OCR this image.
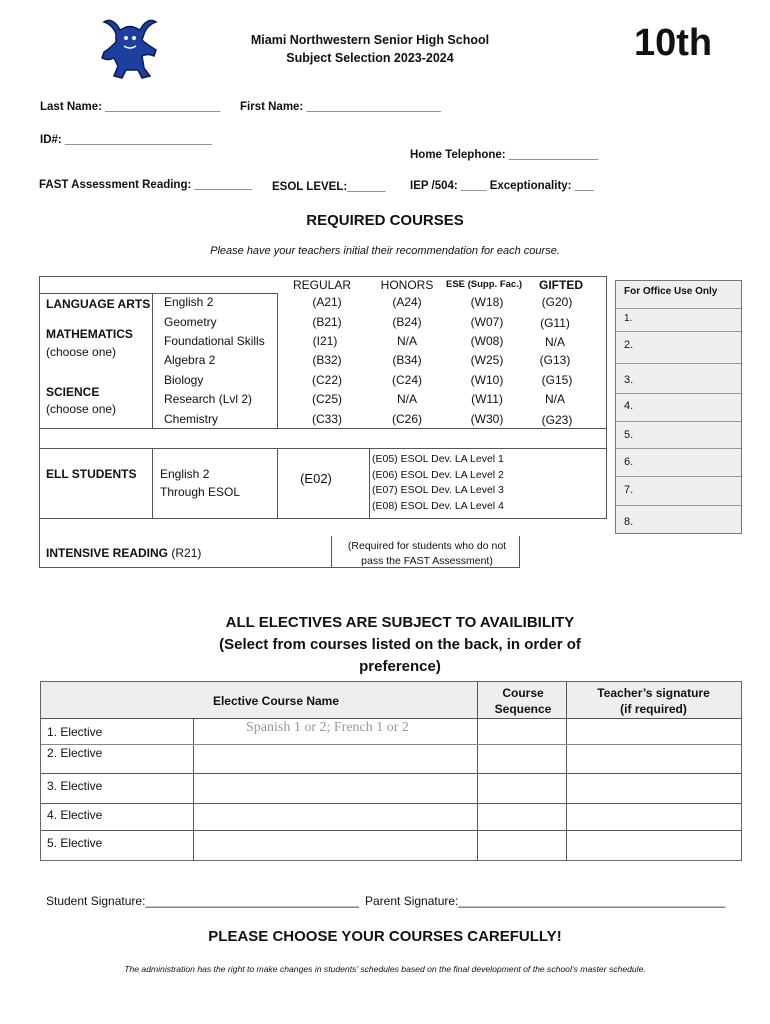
Miami Northwestern Senior High School
Subject Selection 2023-2024	10th
Last Name: __________________ First Name: _____________________
ID#: _______________________
Home Telephone: ______________
FAST Assessment Reading: _________ ESOL LEVEL:______ IEP /504: ____ Exceptionality: ___
REQUIRED COURSES
Please have your teachers initial their recommendation for each course.
REGULAR	HONORS	ESE (Supp. Fac.)	GIFTED
LANGUAGE ARTS
MATHEMATICS
(choose one)
SCIENCE
(choose one)
English 2	(A21)	(A24)	(W18)	(G20)
Geometry	(B21)	(B24)	(W07)	(G11)
Foundational Skills	(I21)	N/A	(W08)	N/A
Algebra 2	(B32)	(B34)	(W25)	(G13)
Biology	(C22)	(C24)	(W10)	(G15)
Research (Lvl 2)	(C25)	N/A	(W11)	N/A
Chemistry	(C33)	(C26)	(W30)	(G23)
ELL STUDENTS English 2
Through ESOL
(E02)
(E05) ESOL Dev. LA Level 1
(E06) ESOL Dev. LA Level 2
(E07) ESOL Dev. LA Level 3
(E08) ESOL Dev. LA Level 4
INTENSIVE READING (R21)	(Required for students who do not
pass the FAST Assessment)
For Office Use Only
1.
2.
3.
4.
5.
6.
7.
8.
ALL ELECTIVES ARE SUBJECT TO AVAILIBILITY
(Select from courses listed on the back, in order of
preference)
Elective Course Name
Course
Sequence
Teacher’s signature
(if required)
1. Elective	Spanish 1 or 2; French 1 or 2
2. Elective
3. Elective
4. Elective
5. Elective
Student Signature:________________________________ Parent Signature:________________________________________
PLEASE CHOOSE YOUR COURSES CAREFULLY!
The administration has the right to make changes in students’ schedules based on the final development of the school’s master schedule.
